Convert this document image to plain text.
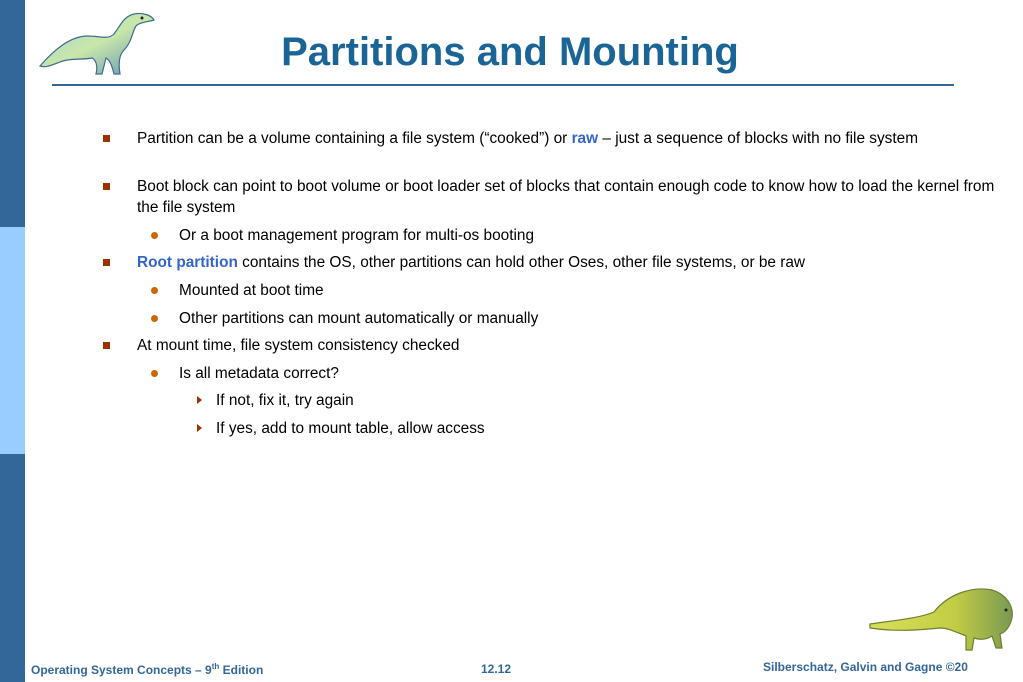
Partitions and Mounting
Partition can be a volume containing a file system (“cooked”) or raw – just a sequence of blocks with no file system
Boot block can point to boot volume or boot loader set of blocks that contain enough code to know how to load the kernel from the file system
Or a boot management program for multi-os booting
Root partition contains the OS, other partitions can hold other Oses, other file systems, or be raw
Mounted at boot time
Other partitions can mount automatically or manually
At mount time, file system consistency checked
Is all metadata correct?
If not, fix it, try again
If yes, add to mount table, allow access
Operating System Concepts – 9th Edition	12.12	Silberschatz, Galvin and Gagne ©20
